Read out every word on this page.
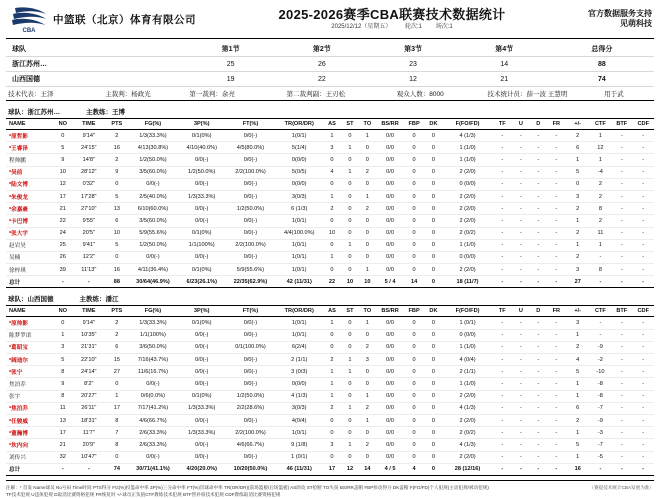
CBA
中篮联（北京）体育有限公司	2025-2026赛季CBA联赛技术数据统计
2025/12/12（星期五） 轮次:1 场次:1
官方数据服务支持
见萌科技
球队	第1节	第2节	第3节	第4节	总得分
浙江苏州…	25	26	23	14	88
山西国德	19	22	12	21	74
技术代表：王泽	主裁判：杨政光	第一裁判：余亮	第二裁判副：王刃松	观众人数：8000	技术统计员：薛一波 王慧明	用于武
球队：浙江苏州…	主教练：王博
NAME	NO	TIME	PTS	FG(%)	3P(%)	FT(%)	TR(OR/DR)	AS	ST	TO	BS/RR	FBP	DK	F(FO/FD)	TF	U	D	FR	+/-	CTF	BTF	CDF
*原哲影	0	9'14"	2	1/3(33.3%)	0/1(0%)	0/0(-)	1(0/1)	1	0	1	0/0	0	0	4 (1/3)	-	-	-	-	2	1	-	-
*王睿泽	5	24'15"	16	4/13(30.8%)	4/10(40.0%)	4/5(80.0%)	5(1/4)	3	1	0	0/0	0	0	1 (1/0)	-	-	-	-	6	12	-	-
程帅鹏	9	14'8"	2	1/2(50.0%)	0/0(-)	0/0(-)	0(0/0)	0	0	0	0/0	0	0	1 (1/0)	-	-	-	-	1	1	-	-
*吴前	10	28'12"	9	3/5(60.0%)	1/2(50.0%)	2/2(100.0%)	5(0/5)	4	1	2	0/0	0	0	2 (2/0)	-	-	-	-	5	-4	-	-
*陆文博	12	0'32"	0	0/0(-)	0/0(-)	0/0(-)	0(0/0)	0	0	0	0/0	0	0	0 (0/0)	-	-	-	-	0	2	-	-
*朱俊龙	17	17'28"	5	2/5(40.0%)	1/3(33.3%)	0/0(-)	3(0/3)	1	0	1	0/0	0	0	2 (2/0)	-	-	-	-	3	2	-	-
*余嘉豪	21	27'10"	13	6/10(60.0%)	0/0(-)	1/2(50.0%)	6 (1/3)	2	0	2	0/0	0	0	2 (2/0)	-	-	-	-	2	8	-	-
*卡巴博	22	9'55"	6	3/5(60.0%)	0/0(-)	0/0(-)	1(0/1)	0	0	0	0/0	0	0	2 (2/0)	-	-	-	-	1	2	-	-
*张大宇	24	20'5"	10	5/9(55.6%)	0/1(0%)	0/0(-)	4/4(100.0%)	10	0	0	0/0	0	0	2 (0/2)	-	-	-	-	2	11	-	-
赵岩昊	25	9'41"	5	1/2(50.0%)	1/1(100%)	2/2(100.0%)	1(0/1)	0	1	0	0/0	0	0	1 (1/0)	-	-	-	-	1	1	-	-
吴楠	26	12'2"	0	0/0(-)	0/0(-)	0/0(-)	1(0/1)	1	0	0	0/0	0	0	0 (0/0)	-	-	-	-	2	-	-	-
徐梓琪	39	11'13"	16	4/11(36.4%)	0/1(0%)	5/9(55.6%)	1(0/1)	0	0	1	0/0	0	0	2 (2/0)	-	-	-	-	3	8	-	-
总计	-	-	88	30/64(46.9%)	6/23(26.1%)	22/35(62.9%)	42 (11/31)	22	10	10	5 / 4	14	0	18 (11/7)	-	-	-	-	27	-	-	-
球队：山西国德	主教练：潘江
NAME	NO	TIME	PTS	FG(%)	3P(%)	FT(%)	TR(OR/DR)	AS	ST	TO	BS/RR	FBP	DK	F(FO/FD)	TF	U	D	FR	+/-	CTF	BTF	CDF
*原帅影	0	9'14"	2	1/3(33.3%)	0/1(0%)	0/0(-)	1(0/1)	1	0	1	0/0	0	0	1 (0/1)	-	-	-	-	3	-	-	-
陈梦罗诺	1	10'35"	2	1/1(100%)	0/0(-)	0/0(-)	1(0/1)	0	0	0	0/0	0	0	0 (0/0)	-	-	-	-	1	-	-	-
*葛昭宝	3	21'31"	6	3/6(50.0%)	0/0(-)	0/1(100.0%)	6(2/4)	0	0	2	0/0	0	0	1 (1/0)	-	-	-	-	2	-9	-	-
*阔迪尔	5	22'10"	15	7/16(43.7%)	0/0(-)	0/0(-)	2 (1/1)	2	1	3	0/0	0	0	4 (0/4)	-	-	-	-	4	-2	-	-
*张宁	8	24'14"	27	11/6(16.7%)	0/0(-)	0/0(-)	3 (0/3)	1	1	0	0/0	0	0	2 (1/1)	-	-	-	-	5	-10	-	-
焦泊乔	9	8'2"	0	0/0(-)	0/0(-)	0/0(-)	0(0/0)	1	0	0	0/0	0	0	1 (1/0)	-	-	-	-	1	-8	-	-
张宇	8	20'27"	1	0/6(0.0%)	0/1(0%)	1/2(50.0%)	4 (1/3)	1	0	1	0/0	0	0	2 (2/0)	-	-	-	-	1	-8	-	-
*焦泊乔	11	26'11"	17	7/17(41.2%)	1/3(33.3%)	2/2(28.6%)	3(0/3)	2	1	2	0/0	0	0	4 (1/3)	-	-	-	-	6	-7	-	-
*任骏威	13	18'31"	8	4/6(66.7%)	0/0(-)	0/0(-)	4(0/4)	0	0	1	0/0	0	0	2 (2/0)	-	-	-	-	2	-9	-	-
*董瀚博	17	11'7"	7	2/6(33.3%)	1/3(33.3%)	2/2(100.0%)	1(0/1)	0	0	0	0/0	0	0	2 (0/2)	-	-	-	-	1	-3	-	-
*坎内向	21	20'9"	8	2/6(33.3%)	0/0(-)	4/6(66.7%)	9 (1/8)	3	1	2	0/0	0	0	4 (1/3)	-	-	-	-	5	-7	-	-
刘传兴	32	10'47"	0	0/0(-)	0/0(-)	0/0(-)	1 (0/1)	0	0	0	0/0	0	0	2 (2/0)	-	-	-	-	1	-5	-	-
总计	-	-	74	30/71(41.1%)	4/20(20.0%)	10/20(50.0%)	46 (11/31)	17	12	14	4 / 5	4	0	28 (12/16)	-	-	-	-	16	-	-	-
（赛提技术统计CBA发展为准）
注解：* 首发 Name球员 No号码 Time时间 PTS得分 FG(%)投篮命中率 3P(%)三分命中率 FT(%)罚球命中率 TR(OR/DR)(前场篮板/后场篮板) AS助攻 ST抢断 TO失误 BS/RR盖帽 FBP快攻得分 DK盖帽 F(FO/FD)个人犯规(主动犯规/被动犯规)
TF技术犯规 U违体犯规 D取消比赛资格犯规 FR恢复时 +/-球员正负值CTF教练技术犯规 BTF替补席技术犯规 CDF教练取消比赛资格犯规
